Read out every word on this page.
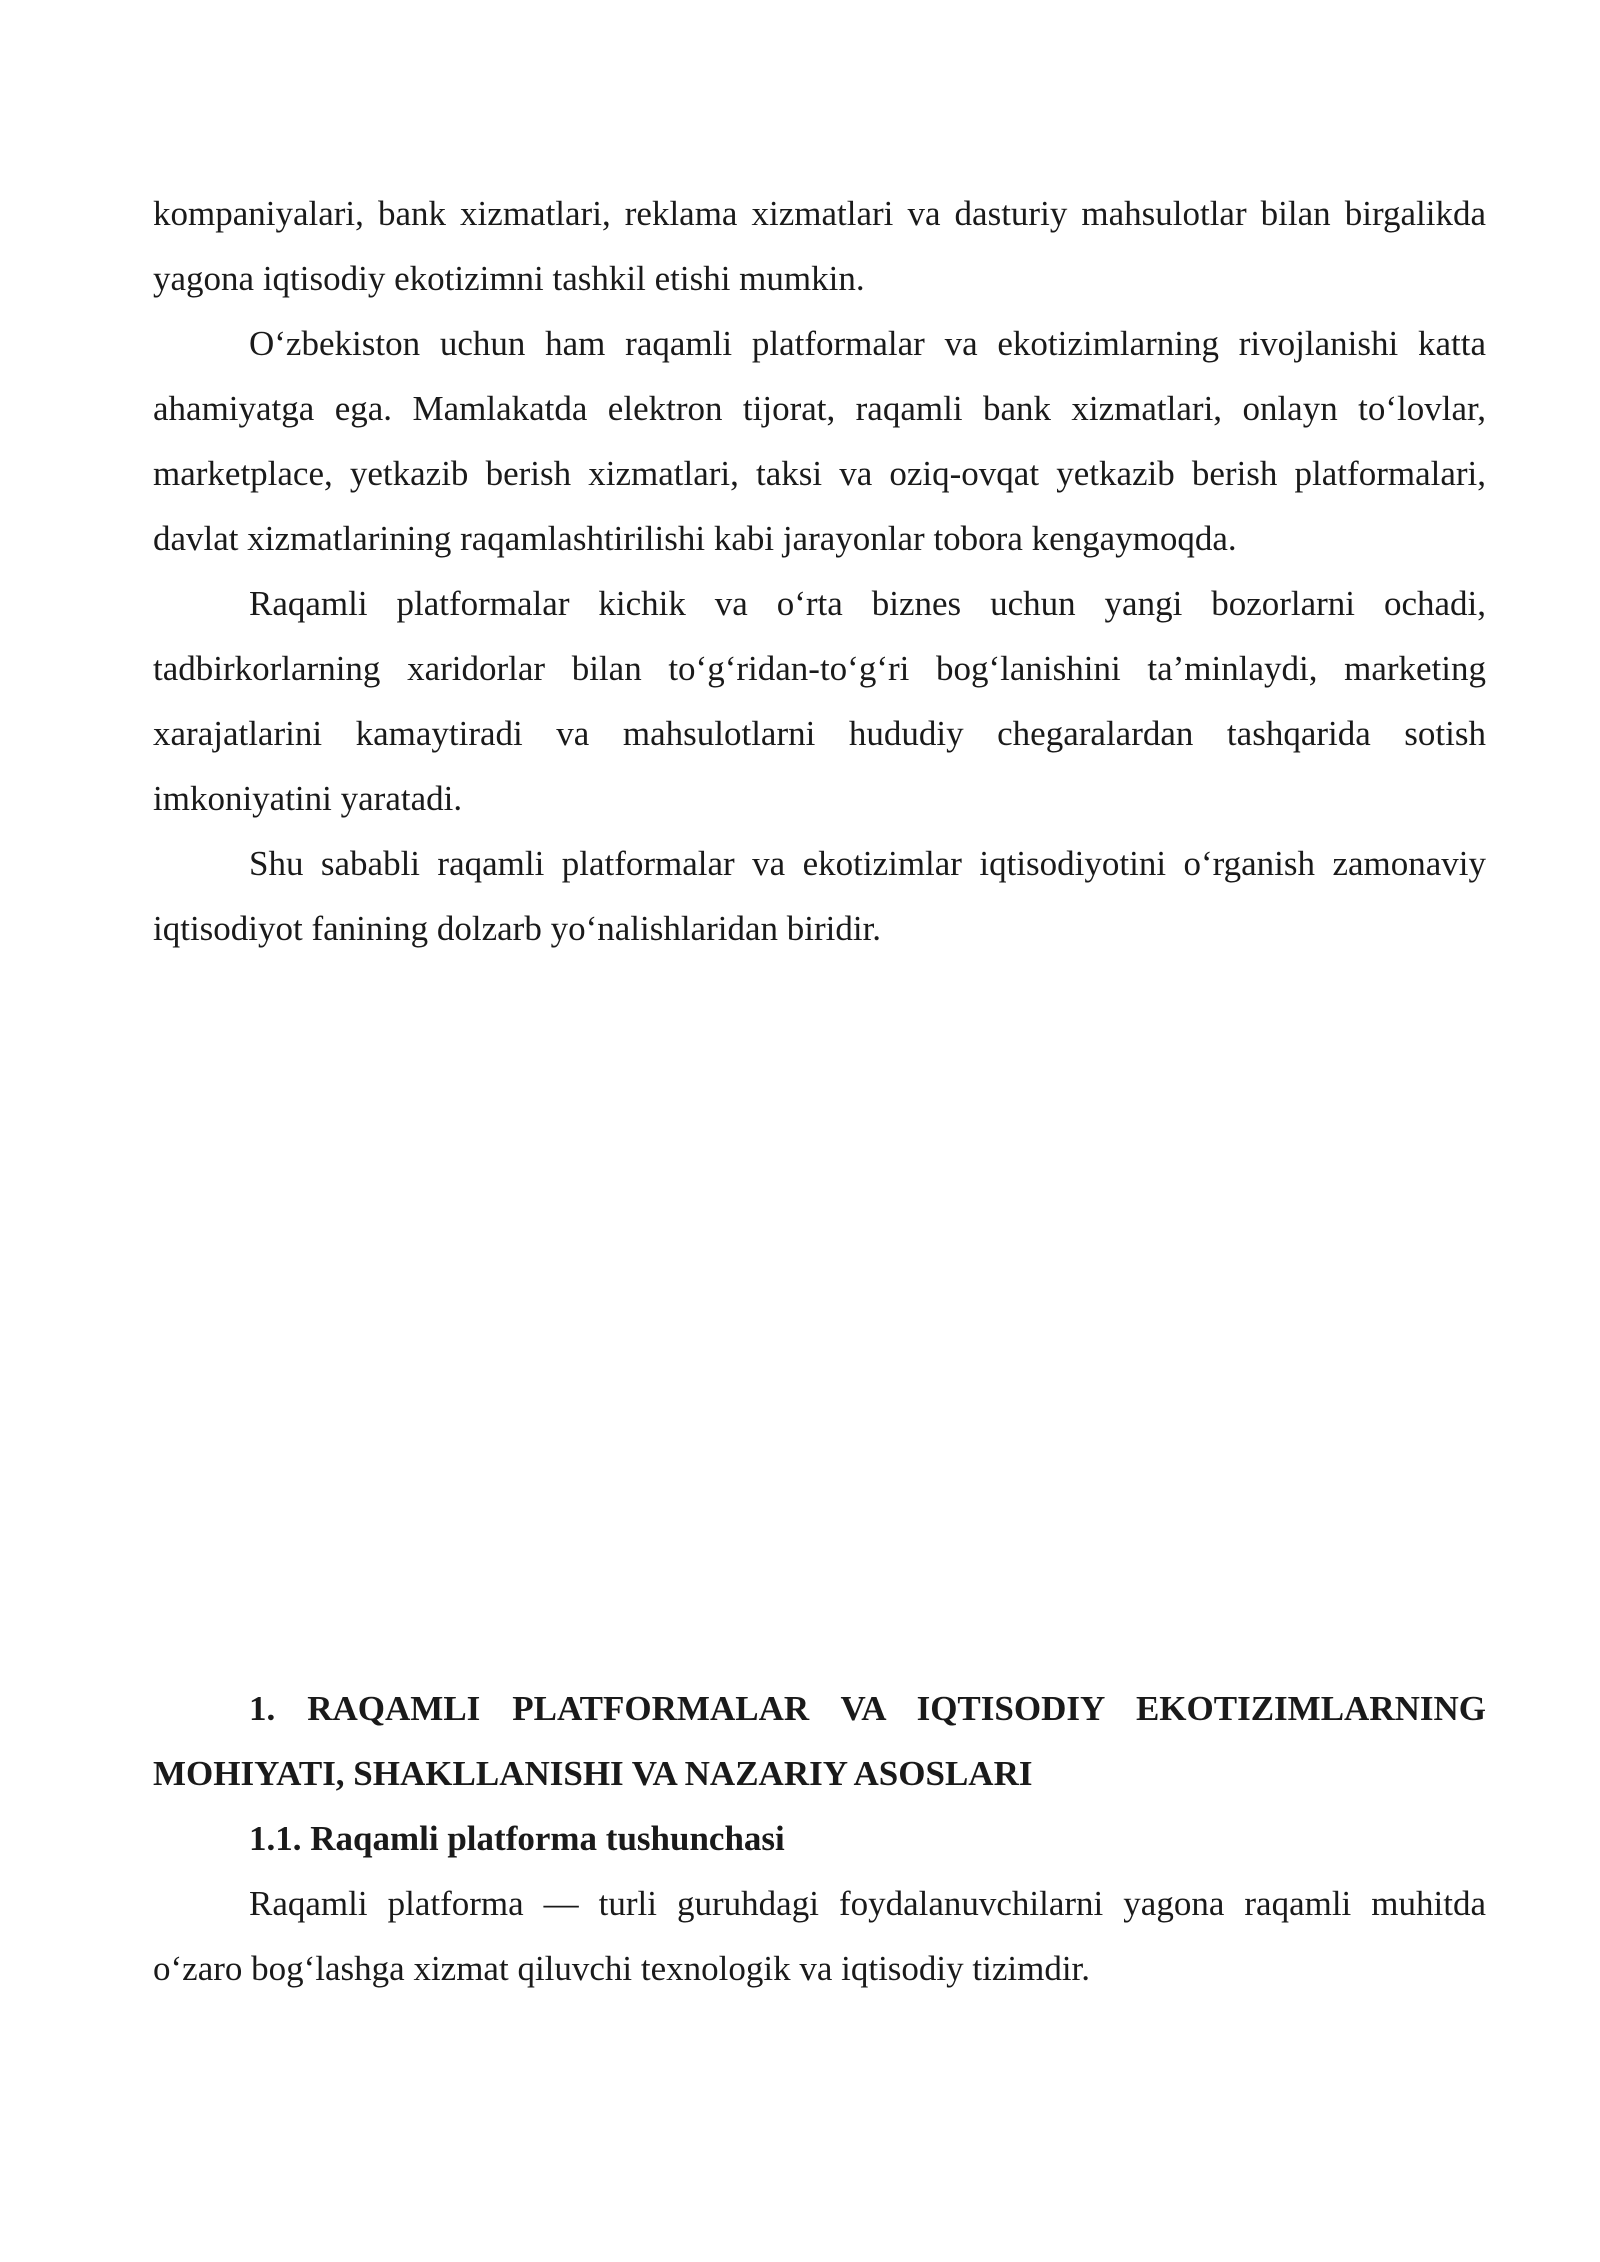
kompaniyalari, bank xizmatlari, reklama xizmatlari va dasturiy mahsulotlar bilan birgalikda yagona iqtisodiy ekotizimni tashkil etishi mumkin.

O‘zbekiston uchun ham raqamli platformalar va ekotizimlarning rivojlanishi katta ahamiyatga ega. Mamlakatda elektron tijorat, raqamli bank xizmatlari, onlayn to‘lovlar, marketplace, yetkazib berish xizmatlari, taksi va oziq-ovqat yetkazib berish platformalari, davlat xizmatlarining raqamlashtirilishi kabi jarayonlar tobora kengaymoqda.

Raqamli platformalar kichik va o‘rta biznes uchun yangi bozorlarni ochadi, tadbirkorlarning xaridorlar bilan to‘g‘ridan-to‘g‘ri bog‘lanishini ta’minlaydi, marketing xarajatlarini kamaytiradi va mahsulotlarni hududiy chegaralardan tashqarida sotish imkoniyatini yaratadi.

Shu sababli raqamli platformalar va ekotizimlar iqtisodiyotini o‘rganish zamonaviy iqtisodiyot fanining dolzarb yo‘nalishlaridan biridir.

1. RAQAMLI PLATFORMALAR VA IQTISODIY EKOTIZIMLARNING MOHIYATI, SHAKLLANISHI VA NAZARIY ASOSLARI
1.1. Raqamli platforma tushunchasi

Raqamli platforma — turli guruhdagi foydalanuvchilarni yagona raqamli muhitda o‘zaro bog‘lashga xizmat qiluvchi texnologik va iqtisodiy tizimdir.
